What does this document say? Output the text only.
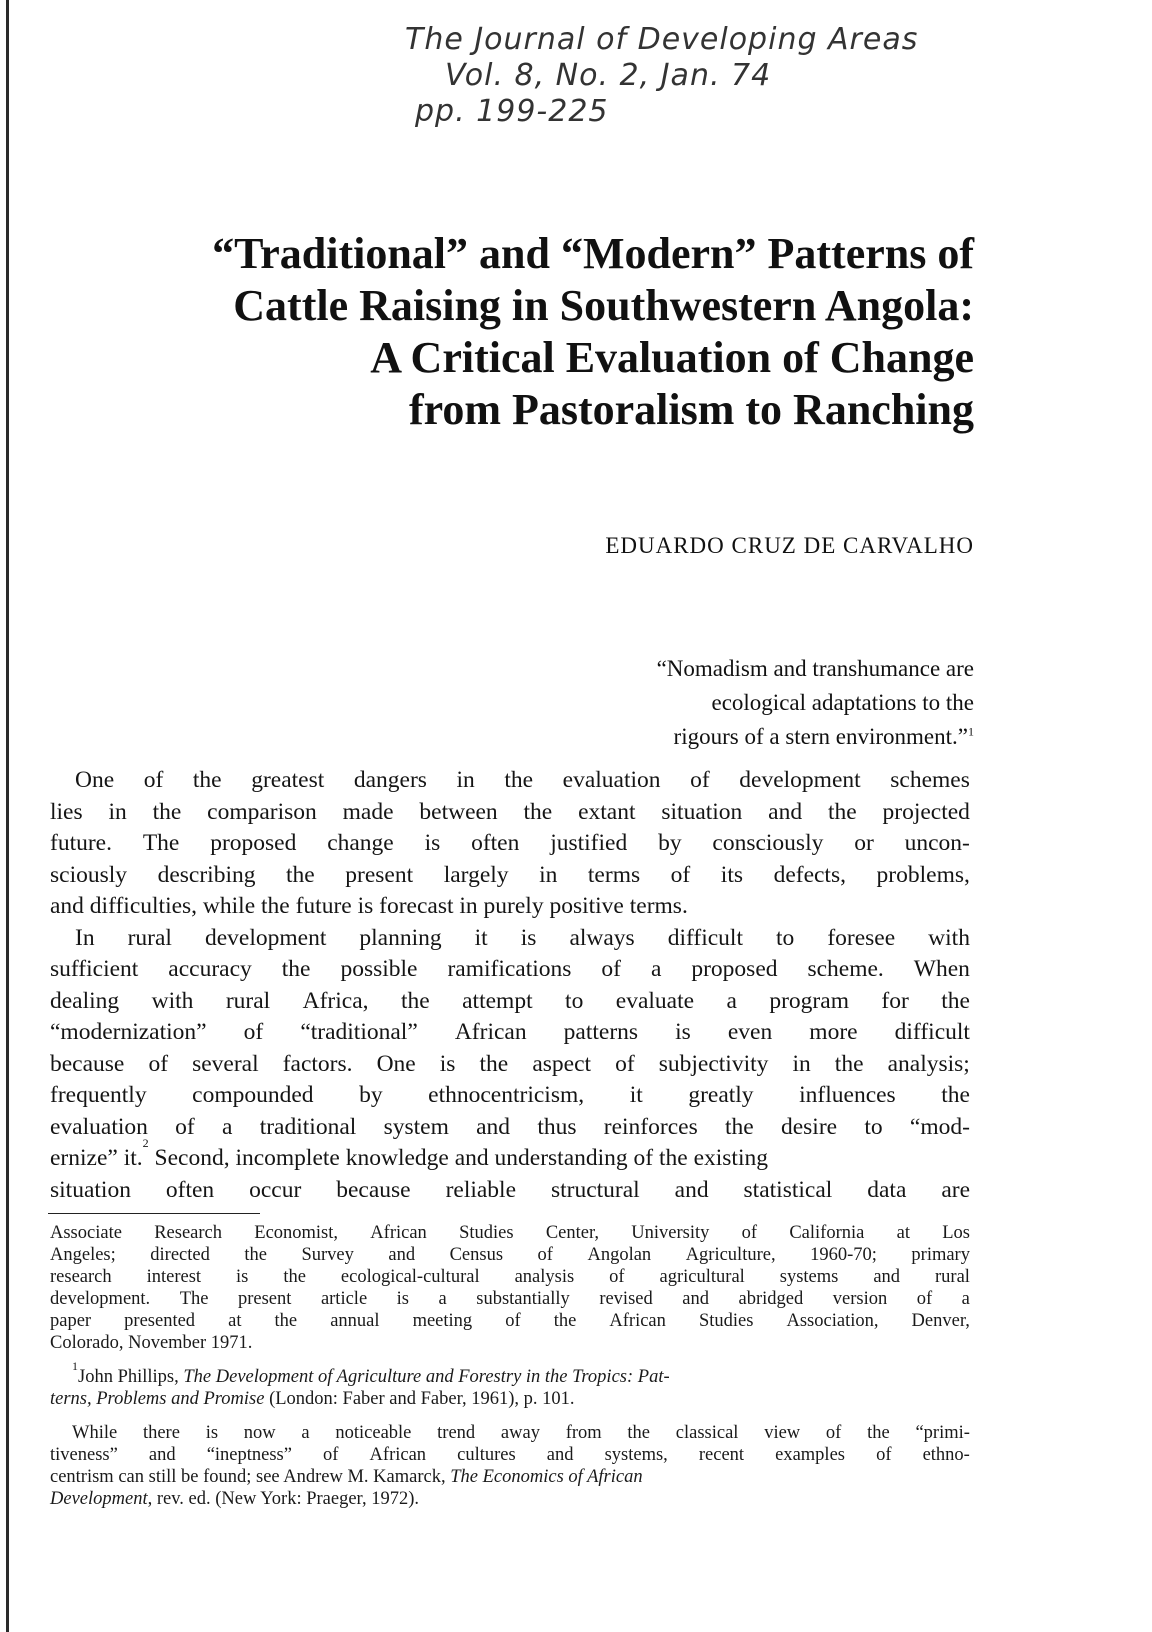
The Journal of Developing Areas
Vol. 8, No. 2, Jan. 74
pp. 199-225
“Traditional” and “Modern” Patterns of
Cattle Raising in Southwestern Angola:
A Critical Evaluation of Change
from Pastoralism to Ranching
EDUARDO CRUZ DE CARVALHO
“Nomadism and transhumance are
ecological adaptations to the
rigours of a stern environment.”$^1$
One of the greatest dangers in the evaluation of development schemes
lies in the comparison made between the extant situation and the projected
future. The proposed change is often justified by consciously or uncon-
sciously describing the present largely in terms of its defects, problems,
and difficulties, while the future is forecast in purely positive terms.
In rural development planning it is always difficult to foresee with
sufficient accuracy the possible ramifications of a proposed scheme. When
dealing with rural Africa, the attempt to evaluate a program for the
“modernization” of “traditional” African patterns is even more difficult
because of several factors. One is the aspect of subjectivity in the analysis;
frequently compounded by ethnocentricism, it greatly influences the
evaluation of a traditional system and thus reinforces the desire to “mod-
ernize” it.
2
Second, incomplete knowledge and understanding of the existing
situation often occur because reliable structural and statistical data are
Associate Research Economist, African Studies Center, University of California at Los
Angeles; directed the Survey and Census of Angolan Agriculture, 1960-70; primary
research interest is the ecological-cultural analysis of agricultural systems and rural
development. The present article is a substantially revised and abridged version of a
paper presented at the annual meeting of the African Studies Association, Denver,
Colorado, November 1971.
1
John Phillips, The Development of Agriculture and Forestry in the Tropics: Pat-
terns, Problems and Promise (London: Faber and Faber, 1961), p. 101.
While there is now a noticeable trend away from the classical view of the “primi-
tiveness” and “ineptness” of African cultures and systems, recent examples of ethno-
centrism can still be found; see Andrew M. Kamarck, The Economics of African
Development , rev. ed. (New York: Praeger, 1972).
